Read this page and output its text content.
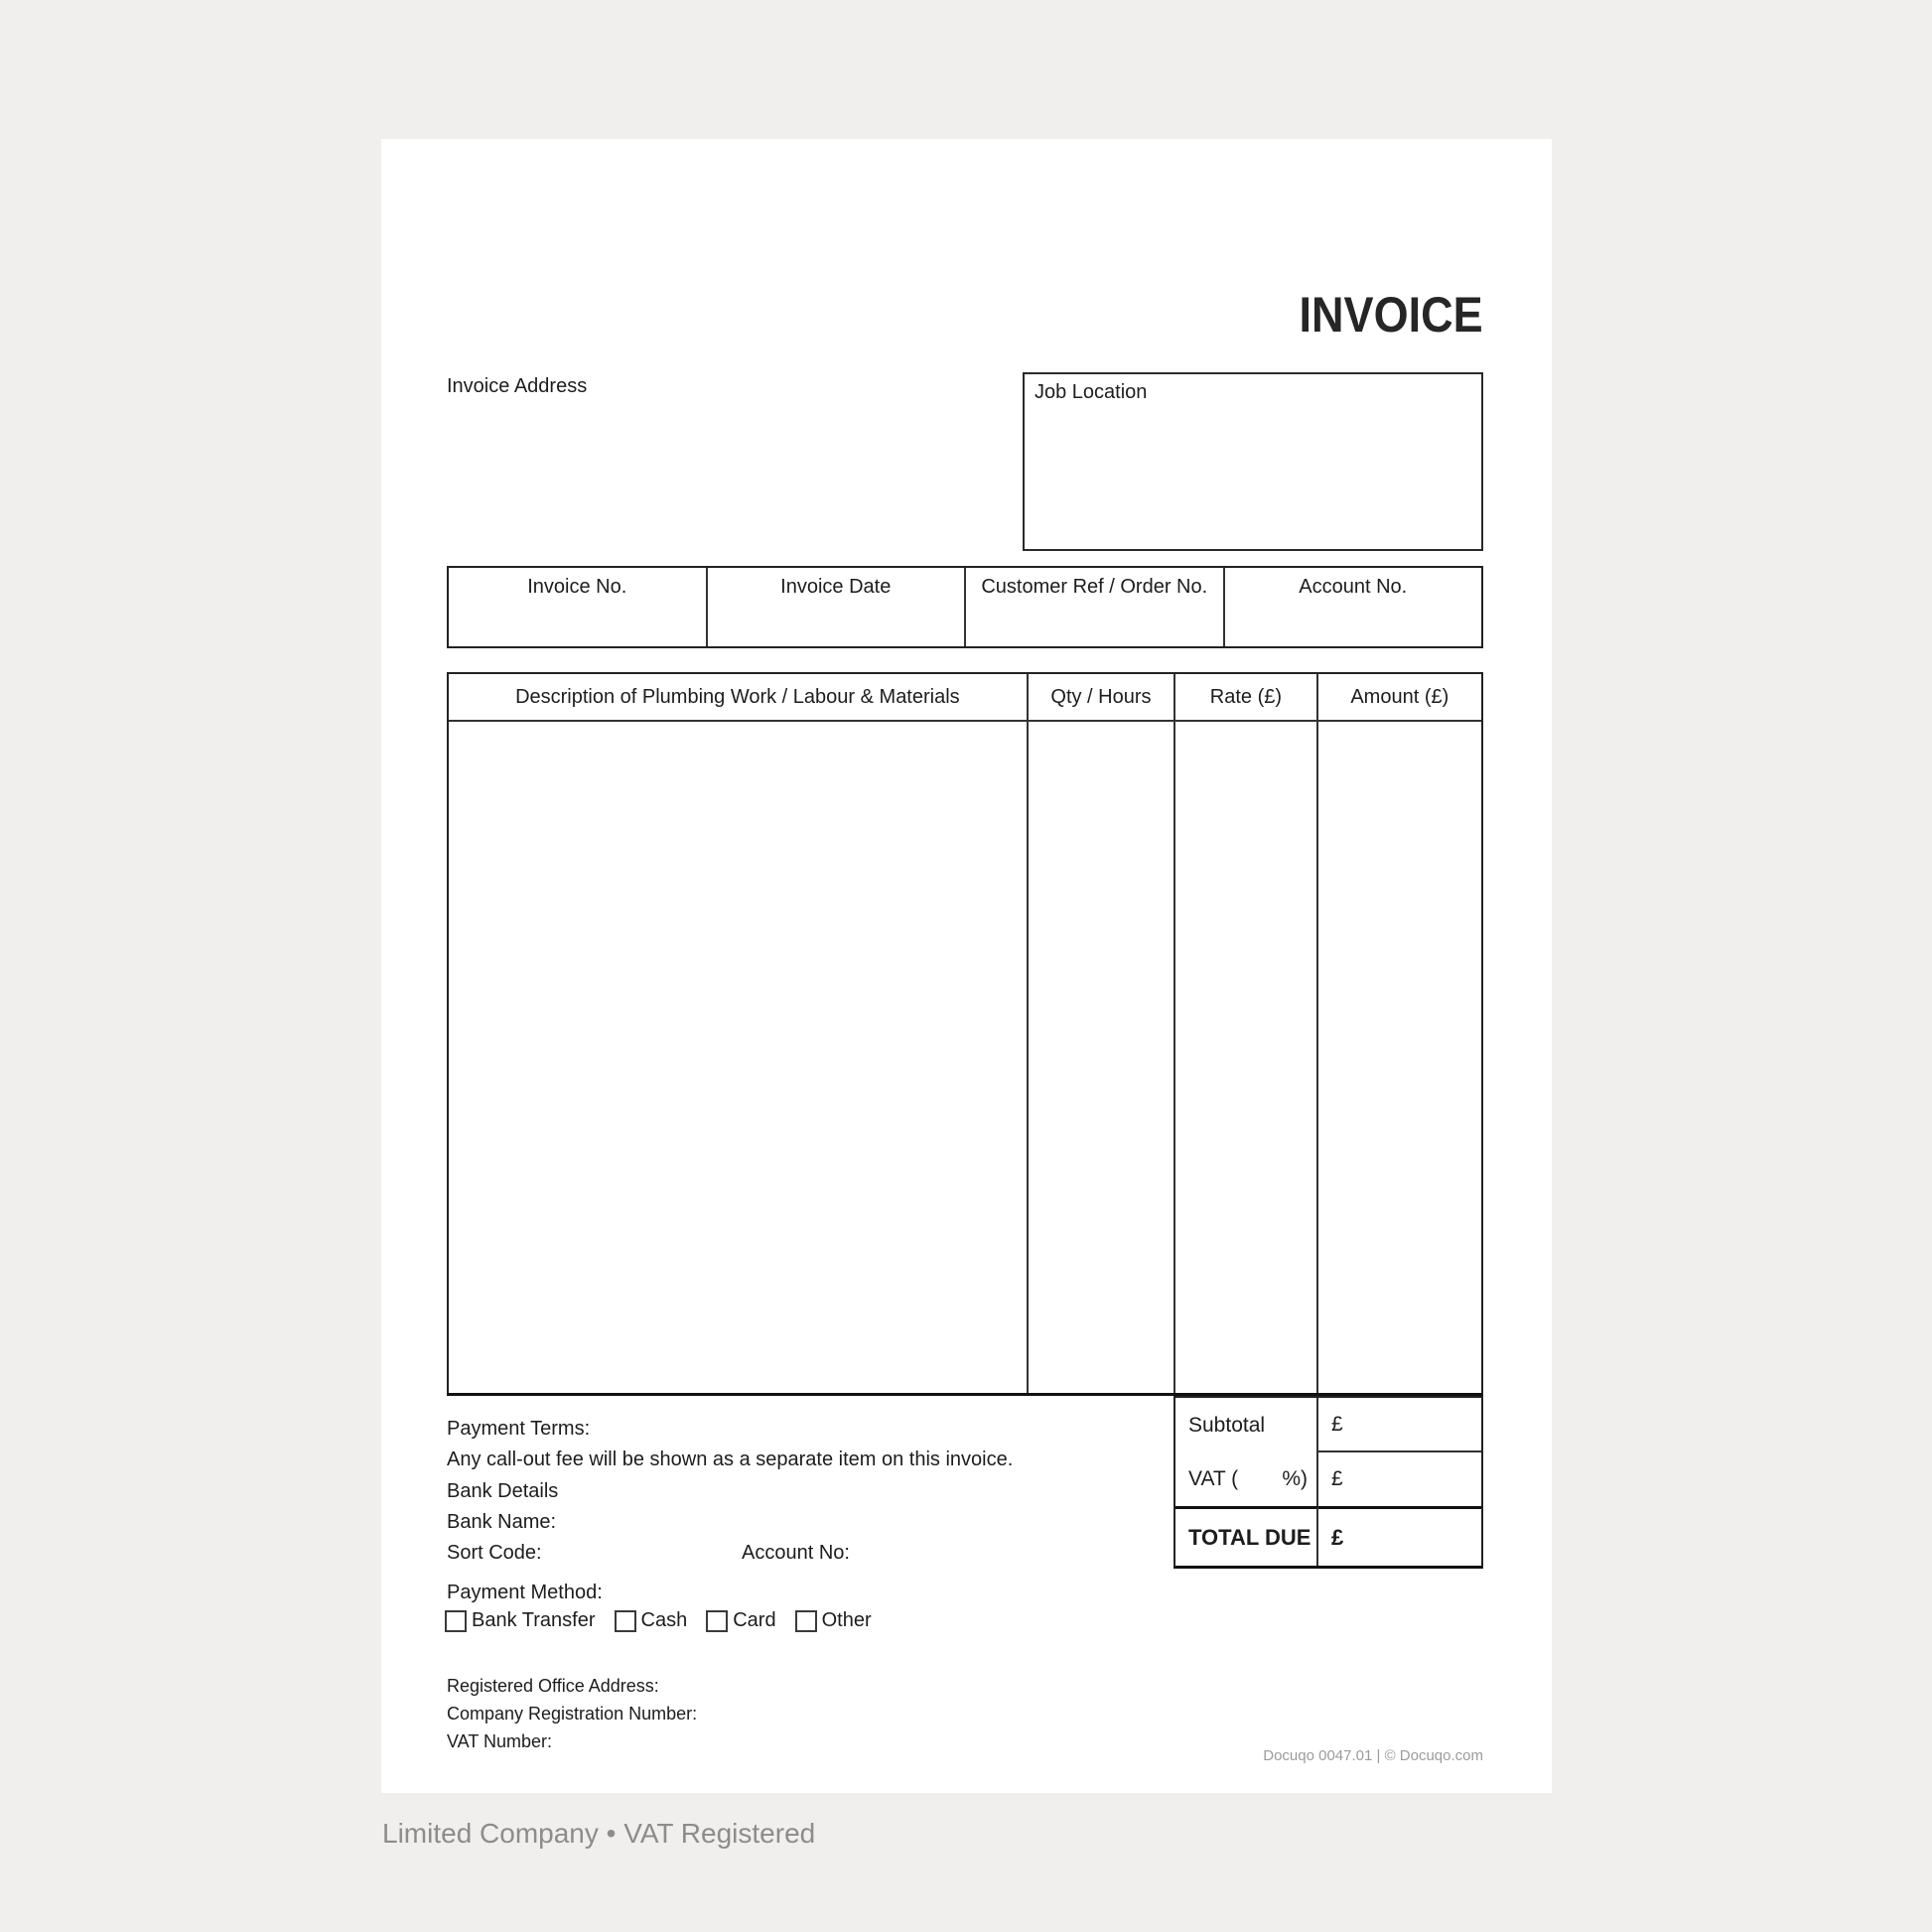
INVOICE
Invoice Address	Job Location
Invoice No.	Invoice Date	Customer Ref / Order No.	Account No.
Description of Plumbing Work / Labour & Materials	Qty / Hours	Rate (£)	Amount (£)
Subtotal	£
VAT ( %) £
TOTAL DUE £
Payment Terms:
Any call-out fee will be shown as a separate item on this invoice.
Bank Details
Bank Name:
Sort Code:	Account No:
Payment Method:
Bank Transfer Cash Card Other
Registered Office Address:
Company Registration Number:
VAT Number:
Docuqo 0047.01 | © Docuqo.com
Limited Company • VAT Registered
